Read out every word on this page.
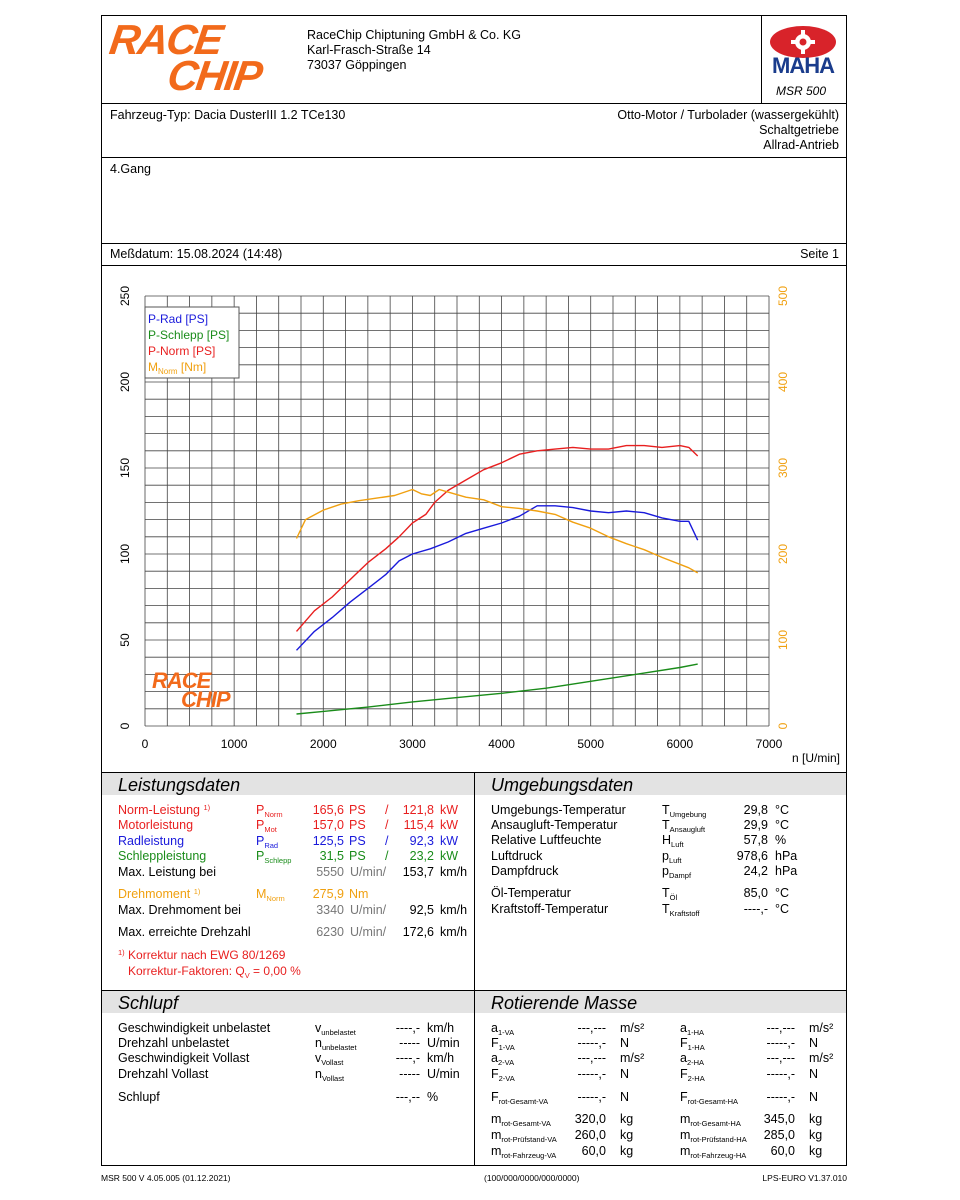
RACE
CHIP
RaceChip Chiptuning GmbH & Co. KG
Karl-Frasch-Straße 14
73037 Göppingen	MAHA
MSR 500
Fahrzeug-Typ: Dacia DusterIII 1.2 TCe130	Otto-Motor / Turbolader (wassergekühlt)
Schaltgetriebe
Allrad-Antrieb
4.Gang
Meßdatum: 15.08.2024 (14:48)	Seite 1
0
50
100
150
200
250
0
100
200
300
400
500
0	1000	2000	3000	4000	5000	6000	7000
n [U/min]
P-Rad [PS]
P-Schlepp [PS]
P-Norm [PS]
$M_{Norm}$ [Nm]
RACE
CHIP
Leistungsdaten
Norm-Leistung $^{1)}$	$P_{Norm}$	165,6 PS /	121,8 kW
Motorleistung	$P_{Mot}$	157,0 PS /	115,4 kW
Radleistung	$P_{Rad}$	125,5 PS /	92,3 kW
Schleppleistung	$P_{Schlepp}$	31,5 PS /	23,2 kW
Drehmoment $^{1)}$	$M_{Norm}$	275,9 Nm
Max. Leistung bei	5550 U/min/	153,7 km/h
Max. Drehmoment bei	3340 U/min/	92,5 km/h
Max. erreichte Drehzahl	6230 U/min/	172,6 km/h
$^{1)}$ Korrektur nach EWG 80/1269
Korrektur-Faktoren: $Q_V = 0,00$ %
Umgebungsdaten
Umgebungs-Temperatur	$T_{Umgebung}$	29,8 °C
Ansaugluft-Temperatur	$T_{Ansaugluft}$	29,9 °C
Relative Luftfeuchte	$H_{Luft}$	57,8 %
Luftdruck	$p_{Luft}$	978,6 hPa
Dampfdruck	$p_{Dampf}$	24,2 hPa
Öl-Temperatur	$T_{Öl}$	85,0 °C
Kraftstoff-Temperatur	$T_{Kraftstoff}$	----,- °C
Schlupf
Geschwindigkeit unbelastet	$v_{unbelastet}$	----,- km/h
Drehzahl unbelastet	$n_{unbelastet}$	----- U/min
Geschwindigkeit Vollast	$v_{Vollast}$	----,- km/h
Drehzahl Vollast	$n_{Vollast}$	----- U/min
Schlupf	---,-- %
Rotierende Masse
$a_{1-VA}$	---,--- m/s²
$F_{1-VA}$	-----,- N
$a_{2-VA}$	---,--- m/s²
$F_{2-VA}$	-----,- N
$F_{rot-Gesamt-VA}$	-----,- N
$m_{rot-Gesamt-VA}$	320,0 kg
$m_{rot-Prüfstand-VA}$	260,0 kg
$m_{rot-Fahrzeug-VA}$	60,0 kg
$a_{1-HA}$	---,--- m/s²
$F_{1-HA}$	-----,- N
$a_{2-HA}$	---,--- m/s²
$F_{2-HA}$	-----,- N
$F_{rot-Gesamt-HA}$	-----,- N
$m_{rot-Gesamt-HA}$	345,0 kg
$m_{rot-Prüfstand-HA}$	285,0 kg
$m_{rot-Fahrzeug-HA}$	60,0 kg
MSR 500 V 4.05.005 (01.12.2021)	(100/000/0000/000/0000)	LPS-EURO V1.37.010
